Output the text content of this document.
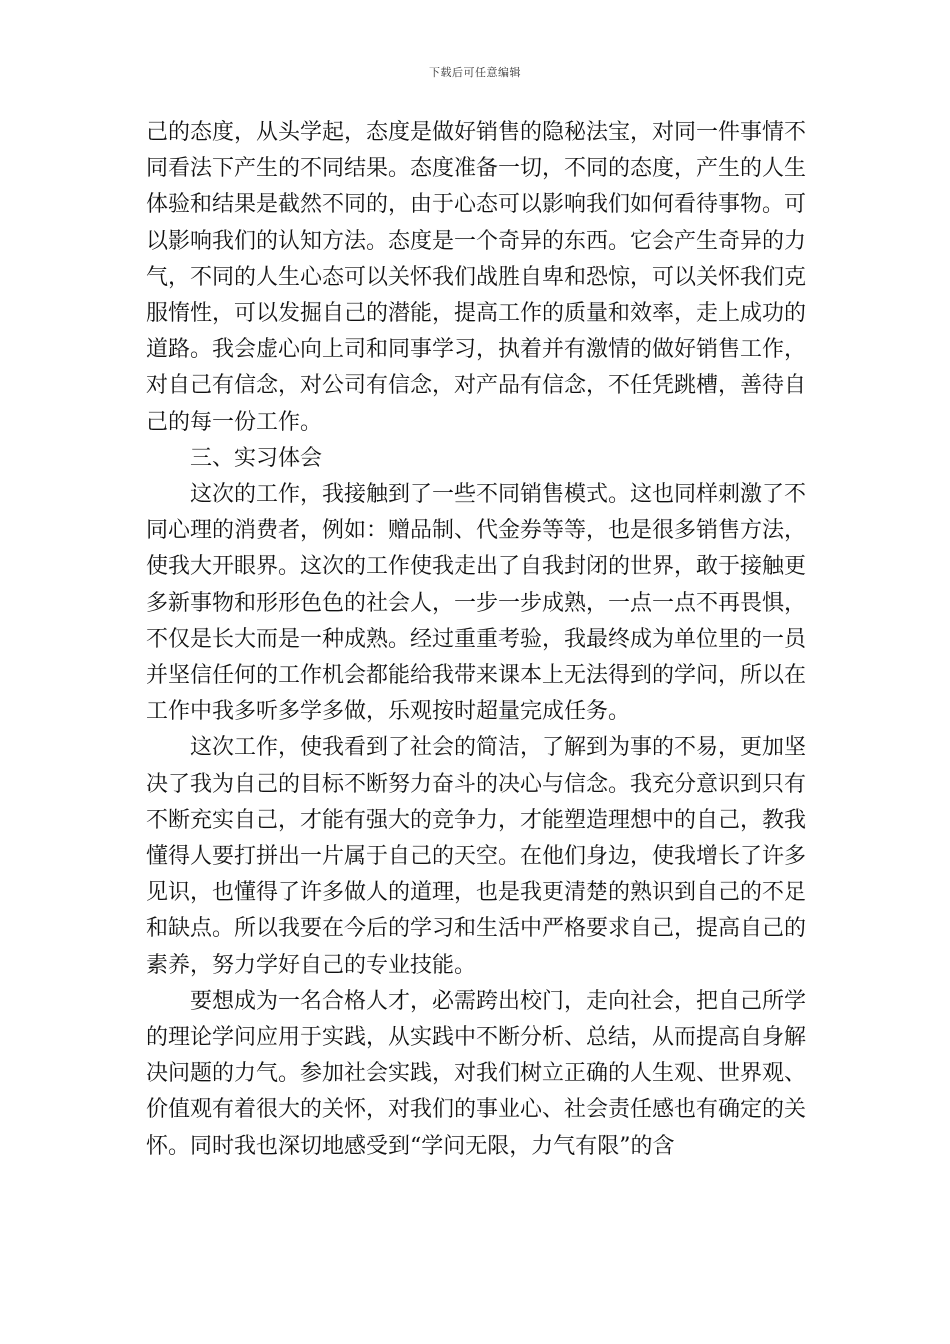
下载后可任意编辑

己的态度，从头学起，态度是做好销售的隐秘法宝，对同一件事情不同看法下产生的不同结果。态度准备一切，不同的态度，产生的人生体验和结果是截然不同的，由于心态可以影响我们如何看待事物。可以影响我们的认知方法。态度是一个奇异的东西。它会产生奇异的力气，不同的人生心态可以关怀我们战胜自卑和恐惊，可以关怀我们克服惰性，可以发掘自己的潜能，提高工作的质量和效率，走上成功的道路。我会虚心向上司和同事学习，执着并有激情的做好销售工作，对自己有信念，对公司有信念，对产品有信念，不任凭跳槽，善待自己的每一份工作。

三、实习体会

这次的工作，我接触到了一些不同销售模式。这也同样刺激了不同心理的消费者，例如：赠品制、代金券等等，也是很多销售方法，使我大开眼界。这次的工作使我走出了自我封闭的世界，敢于接触更多新事物和形形色色的社会人，一步一步成熟，一点一点不再畏惧，不仅是长大而是一种成熟。经过重重考验，我最终成为单位里的一员并坚信任何的工作机会都能给我带来课本上无法得到的学问，所以在工作中我多听多学多做，乐观按时超量完成任务。

这次工作，使我看到了社会的简洁，了解到为事的不易，更加坚决了我为自己的目标不断努力奋斗的决心与信念。我充分意识到只有不断充实自己，才能有强大的竞争力，才能塑造理想中的自己，教我懂得人要打拼出一片属于自己的天空。在他们身边，使我增长了许多见识，也懂得了许多做人的道理，也是我更清楚的熟识到自己的不足和缺点。所以我要在今后的学习和生活中严格要求自己，提高自己的素养，努力学好自己的专业技能。

要想成为一名合格人才，必需跨出校门，走向社会，把自己所学的理论学问应用于实践，从实践中不断分析、总结，从而提高自身解决问题的力气。参加社会实践，对我们树立正确的人生观、世界观、价值观有着很大的关怀，对我们的事业心、社会责任感也有确定的关怀。同时我也深切地感受到“学问无限，力气有限”的含
